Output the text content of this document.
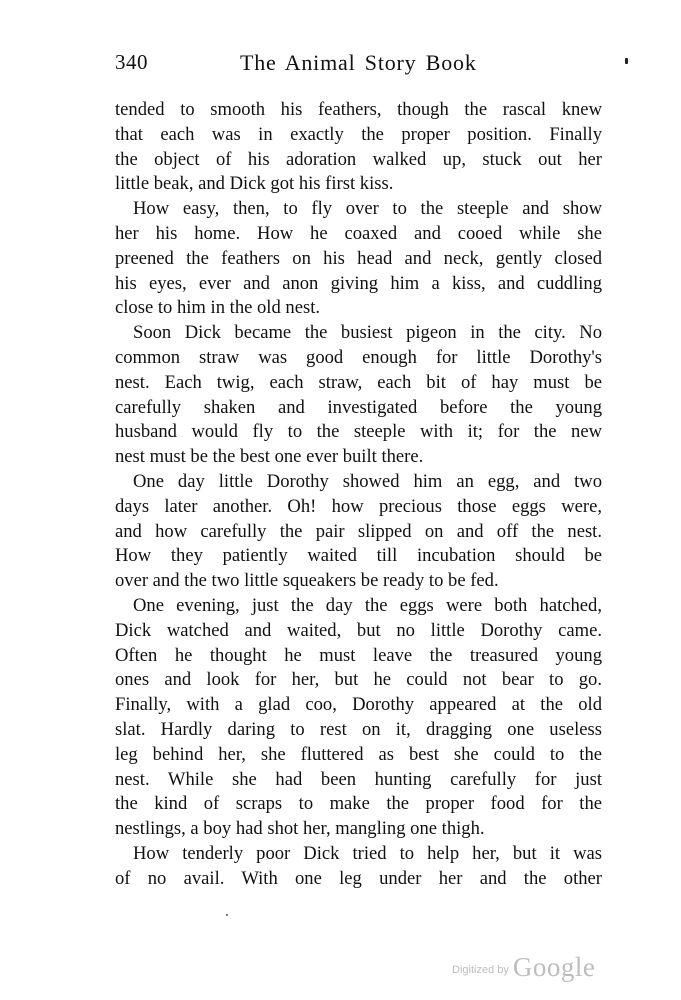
340	The Animal Story Book
tended to smooth his feathers, though the rascal knew
that each was in exactly the proper position. Finally
the object of his adoration walked up, stuck out her
little beak, and Dick got his first kiss.
How easy, then, to fly over to the steeple and show
her his home. How he coaxed and cooed while she
preened the feathers on his head and neck, gently closed
his eyes, ever and anon giving him a kiss, and cuddling
close to him in the old nest.
Soon Dick became the busiest pigeon in the city. No
common straw was good enough for little Dorothy's
nest. Each twig, each straw, each bit of hay must be
carefully shaken and investigated before the young
husband would fly to the steeple with it; for the new
nest must be the best one ever built there.
One day little Dorothy showed him an egg, and two
days later another. Oh! how precious those eggs were,
and how carefully the pair slipped on and off the nest.
How they patiently waited till incubation should be
over and the two little squeakers be ready to be fed.
One evening, just the day the eggs were both hatched,
Dick watched and waited, but no little Dorothy came.
Often he thought he must leave the treasured young
ones and look for her, but he could not bear to go.
Finally, with a glad coo, Dorothy appeared at the old
slat. Hardly daring to rest on it, dragging one useless
leg behind her, she fluttered as best she could to the
nest. While she had been hunting carefully for just
the kind of scraps to make the proper food for the
nestlings, a boy had shot her, mangling one thigh.
How tenderly poor Dick tried to help her, but it was
of no avail. With one leg under her and the other
Digitized by Google
